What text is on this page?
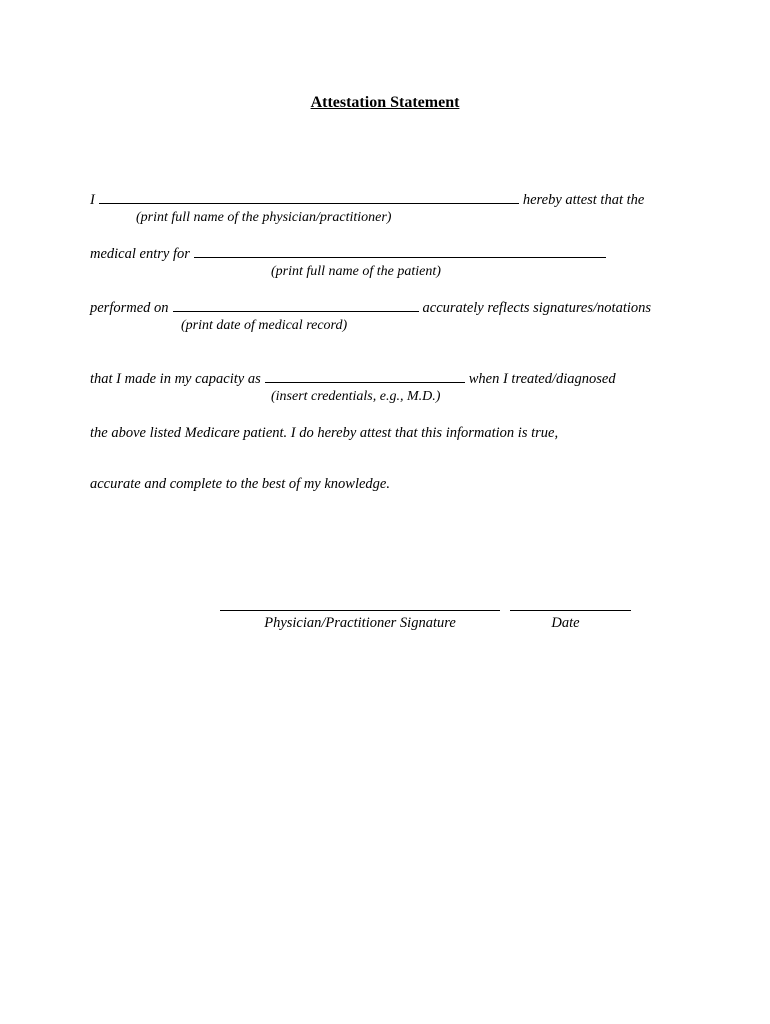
Attestation Statement
I	hereby attest that the
(print full name of the physician/practitioner)
medical entry for
(print full name of the patient)
performed on	accurately reflects signatures/notations
(print date of medical record)
that I made in my capacity as	when I treated/diagnosed
(insert credentials, e.g., M.D.)
the above listed Medicare patient. I do hereby attest that this information is true,
accurate and complete to the best of my knowledge.
Physician/Practitioner Signature	Date
